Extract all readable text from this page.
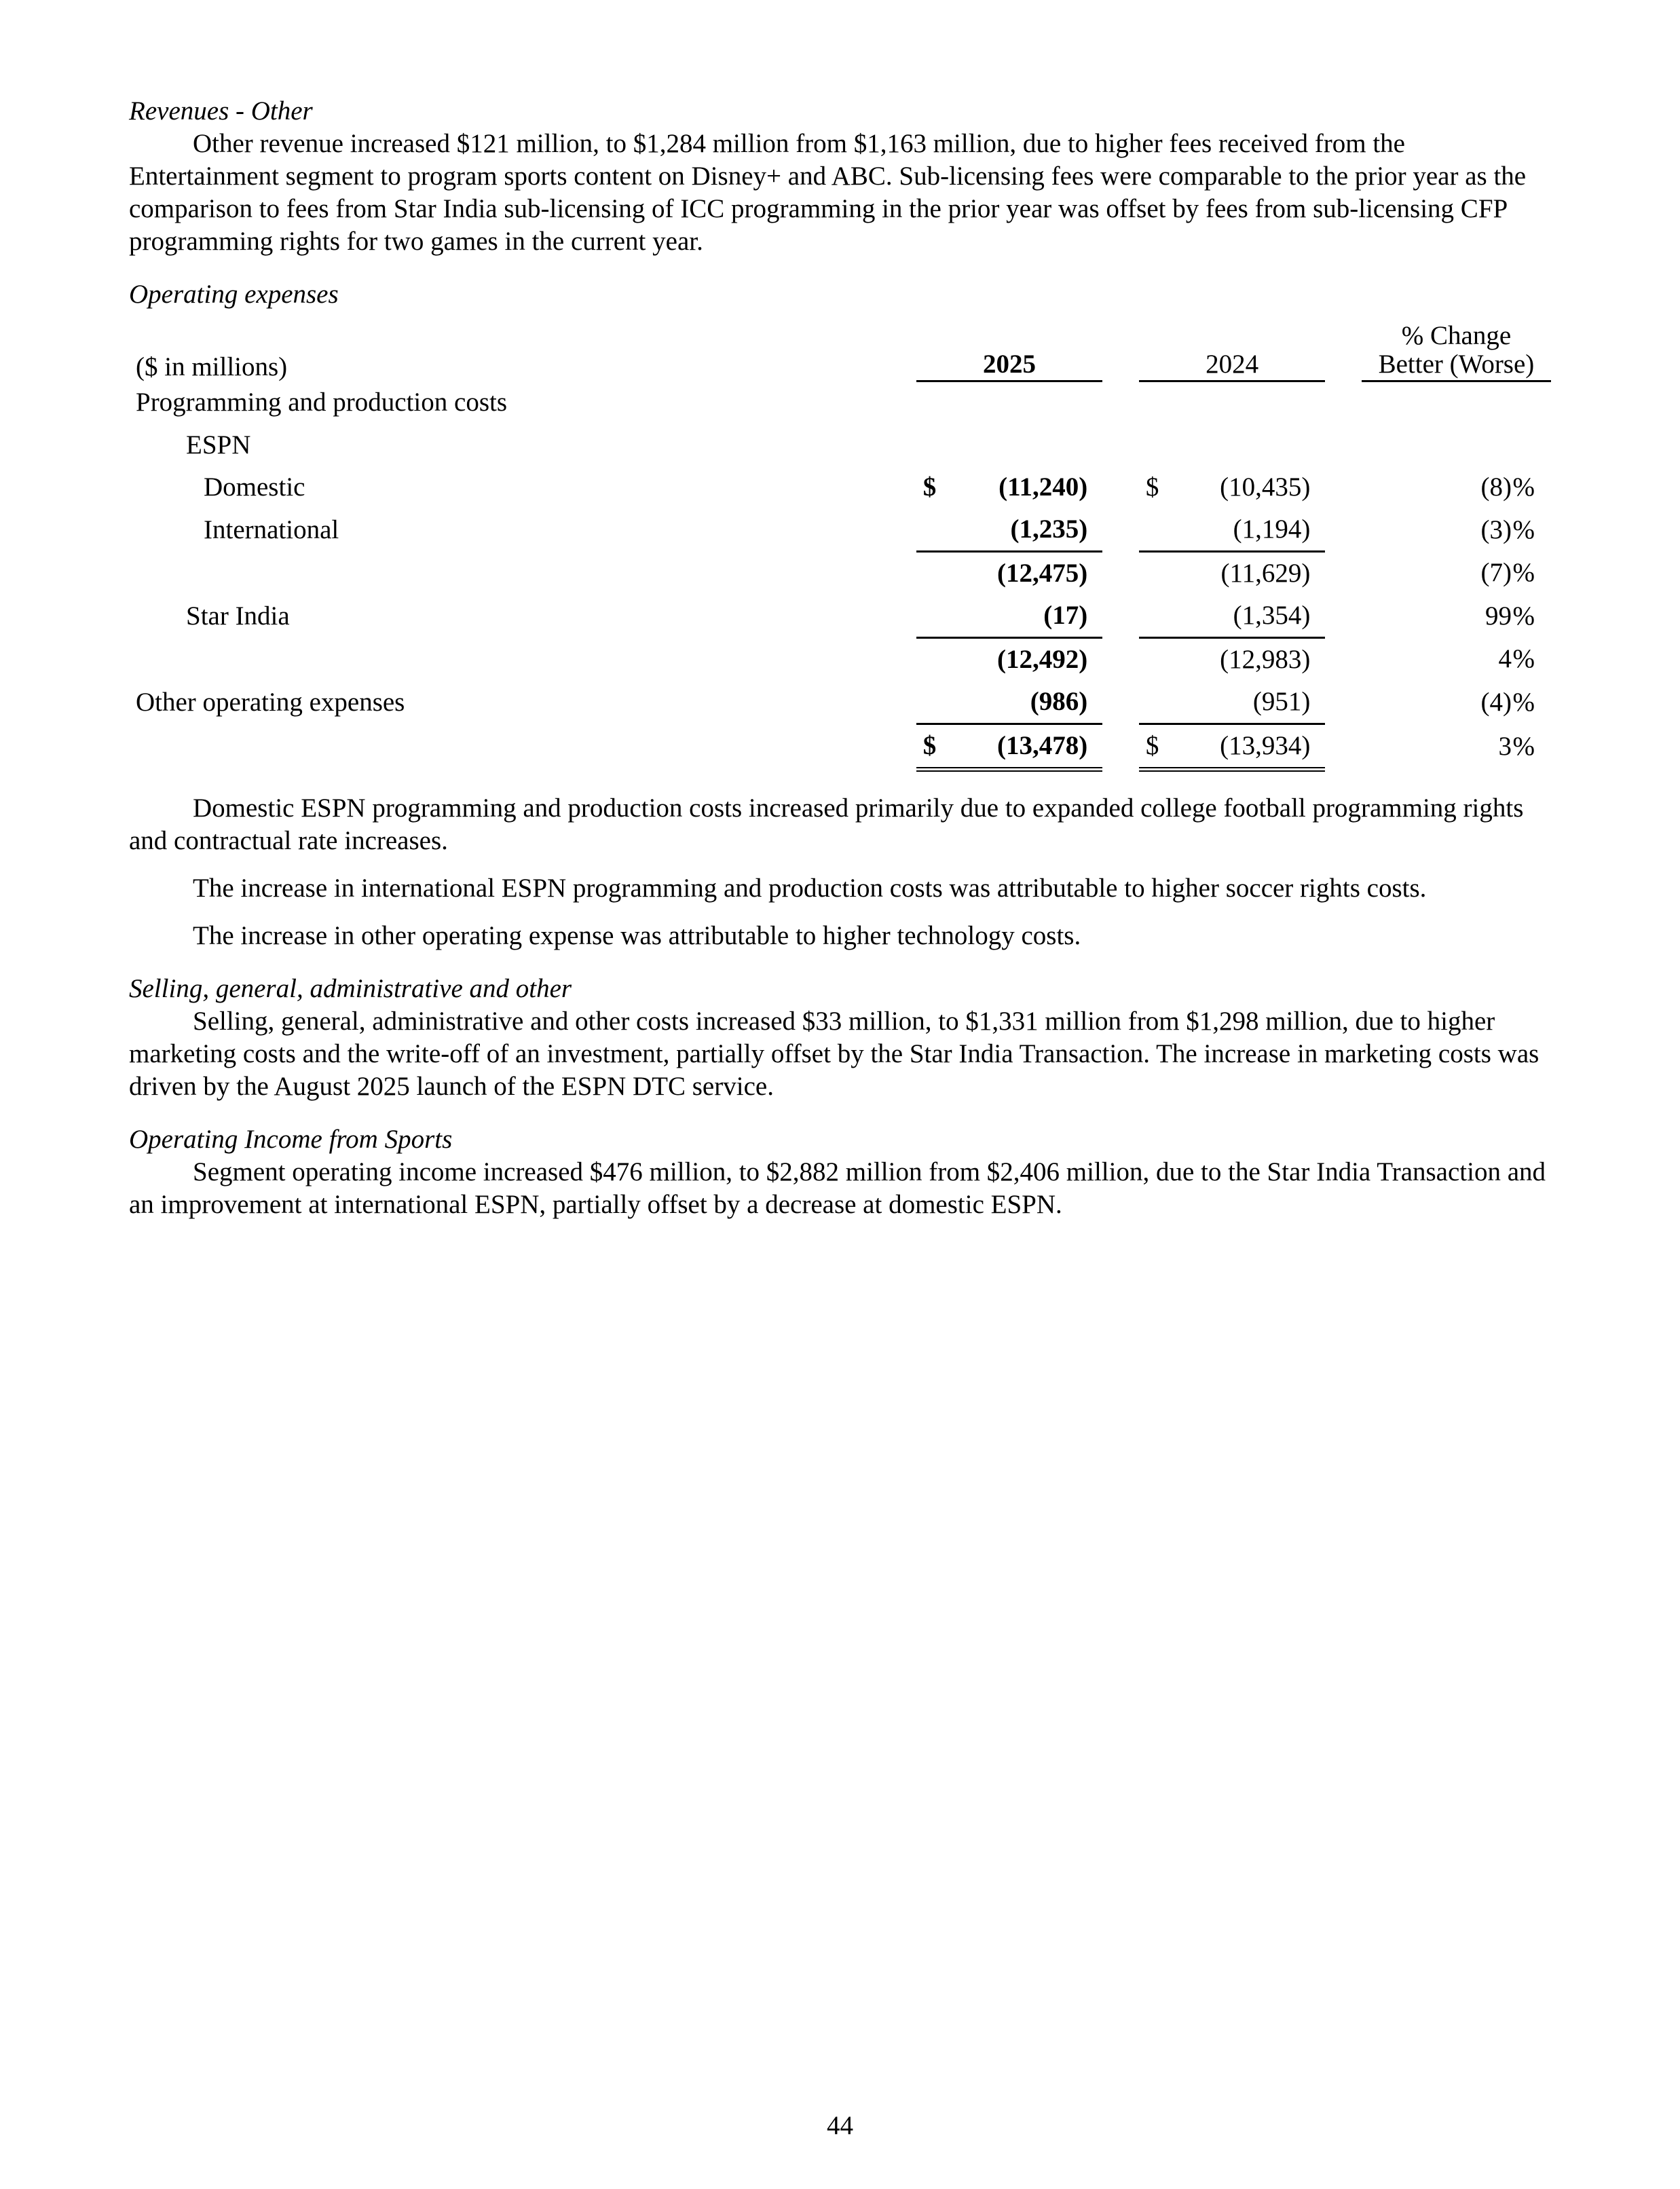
Revenues - Other

Other revenue increased $121 million, to $1,284 million from $1,163 million, due to higher fees received from the Entertainment segment to program sports content on Disney+ and ABC. Sub-licensing fees were comparable to the prior year as the comparison to fees from Star India sub-licensing of ICC programming in the prior year was offset by fees from sub-licensing CFP programming rights for two games in the current year.

Operating expenses

($ in millions)		2025		2024		% Change
Better (Worse)

Programming and production costs						
ESPN						
Domestic		$ (11,240)		$ (10,435)		(8)%
International		(1,235)		(1,194)		(3)%

		(12,475)		(11,629)		(7)%
Star India		(17)		(1,354)		99%

		(12,492)		(12,983)		4%
Other operating expenses		(986)		(951)		(4)%

		$ (13,478)		$ (13,934)		3%

Domestic ESPN programming and production costs increased primarily due to expanded college football programming rights and contractual rate increases.

The increase in international ESPN programming and production costs was attributable to higher soccer rights costs.

The increase in other operating expense was attributable to higher technology costs.

Selling, general, administrative and other

Selling, general, administrative and other costs increased $33 million, to $1,331 million from $1,298 million, due to higher marketing costs and the write-off of an investment, partially offset by the Star India Transaction. The increase in marketing costs was driven by the August 2025 launch of the ESPN DTC service.

Operating Income from Sports

Segment operating income increased $476 million, to $2,882 million from $2,406 million, due to the Star India Transaction and an improvement at international ESPN, partially offset by a decrease at domestic ESPN.

44
